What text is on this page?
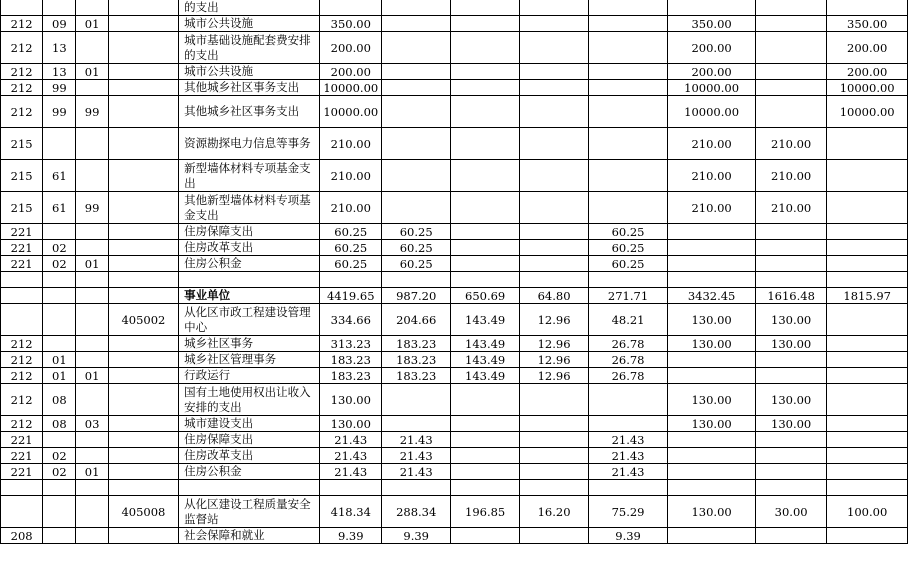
				的支出								
212	09	01		城市公共设施	350.00					350.00		350.00
212	13			城市基础设施配套费安排的支出	200.00					200.00		200.00
212	13	01		城市公共设施	200.00					200.00		200.00
212	99			其他城乡社区事务支出	10000.00					10000.00		10000.00
212	99	99		其他城乡社区事务支出	10000.00					10000.00		10000.00
215				资源勘探电力信息等事务	210.00					210.00	210.00	
215	61			新型墙体材料专项基金支出	210.00					210.00	210.00	
215	61	99		其他新型墙体材料专项基金支出	210.00					210.00	210.00	
221				住房保障支出	60.25	60.25			60.25			
221	02			住房改革支出	60.25	60.25			60.25			
221	02	01		住房公积金	60.25	60.25			60.25			

				事业单位	4419.65	987.20	650.69	64.80	271.71	3432.45	1616.48	1815.97
			405002	从化区市政工程建设管理中心	334.66	204.66	143.49	12.96	48.21	130.00	130.00	
212				城乡社区事务	313.23	183.23	143.49	12.96	26.78	130.00	130.00	
212	01			城乡社区管理事务	183.23	183.23	143.49	12.96	26.78			
212	01	01		行政运行	183.23	183.23	143.49	12.96	26.78			
212	08			国有土地使用权出让收入安排的支出	130.00					130.00	130.00	
212	08	03		城市建设支出	130.00					130.00	130.00	
221				住房保障支出	21.43	21.43			21.43			
221	02			住房改革支出	21.43	21.43			21.43			
221	02	01		住房公积金	21.43	21.43			21.43			

			405008	从化区建设工程质量安全监督站	418.34	288.34	196.85	16.20	75.29	130.00	30.00	100.00
208				社会保障和就业	9.39	9.39			9.39			
